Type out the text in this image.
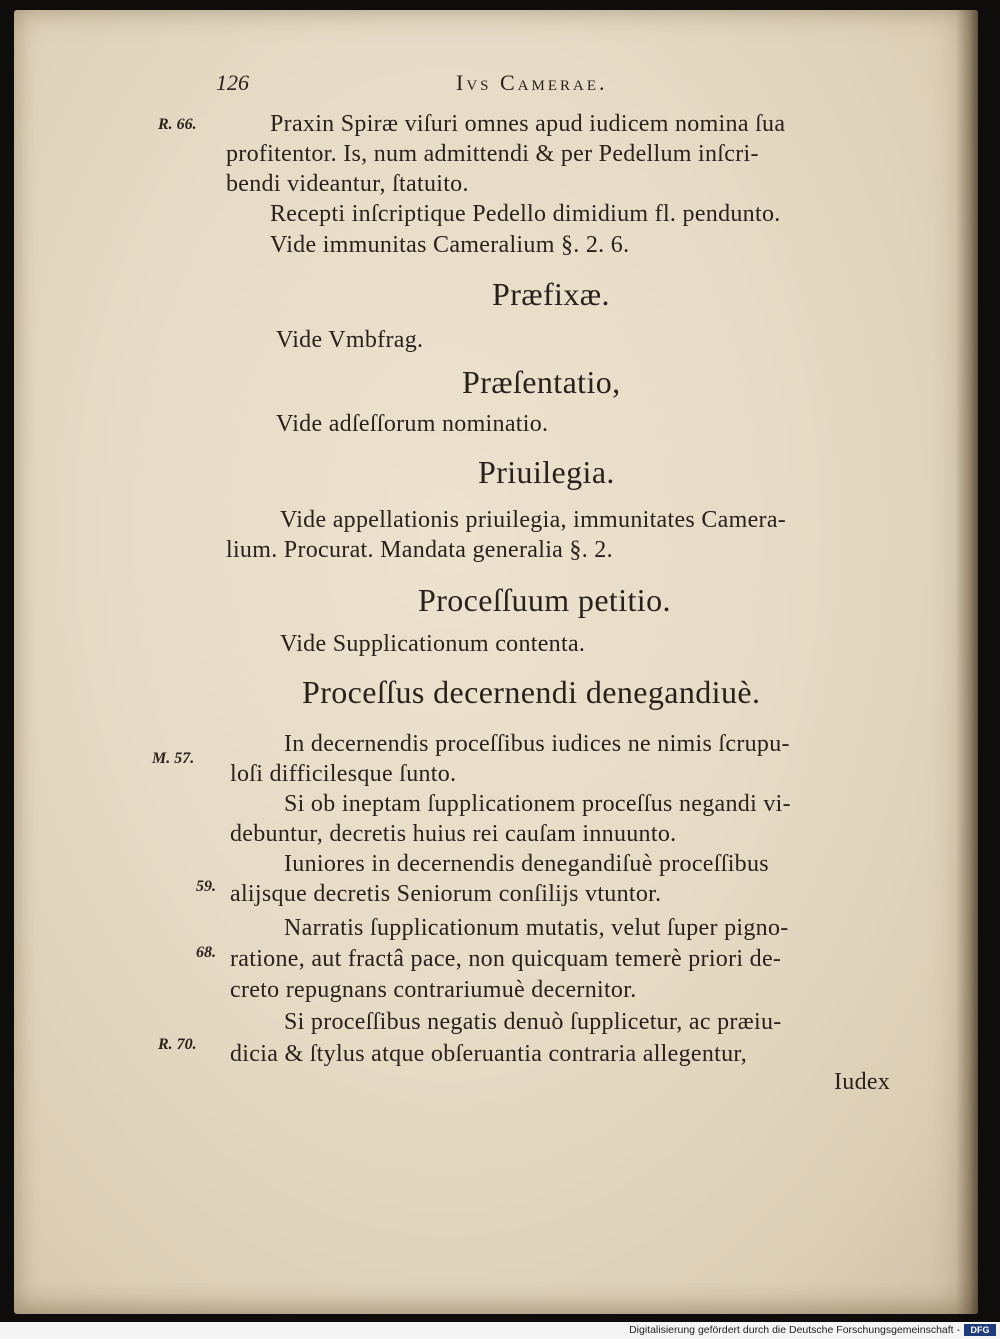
126	Ivs Camerae.
R. 66.
M. 57.
59.
68.
R. 70.
Praxin Spiræ viſuri omnes apud iudicem nomina ſua
profitentor. Is, num admittendi & per Pedellum inſcri-
bendi videantur, ſtatuito.
Recepti inſcriptique Pedello dimidium fl. pendunto.
Vide immunitas Cameralium §. 2. 6.
Præfixæ.
Vide Vmbfrag.
Præſentatio,
Vide adſeſſorum nominatio.
Priuilegia.
Vide appellationis priuilegia, immunitates Camera-
lium. Procurat. Mandata generalia §. 2.
Proceſſuum petitio.
Vide Supplicationum contenta.
Proceſſus decernendi denegandiuè.
In decernendis proceſſibus iudices ne nimis ſcrupu-
loſi difficilesque ſunto.
Si ob ineptam ſupplicationem proceſſus negandi vi-
debuntur, decretis huius rei cauſam innuunto.
Iuniores in decernendis denegandiſuè proceſſibus
alijsque decretis Seniorum conſilijs vtuntor.
Narratis ſupplicationum mutatis, velut ſuper pigno-
ratione, aut fractâ pace, non quicquam temerè priori de-
creto repugnans contrariumuè decernitor.
Si proceſſibus negatis denuò ſupplicetur, ac præiu-
dicia & ſtylus atque obſeruantia contraria allegentur,
Iudex
Digitalisierung gefördert durch die Deutsche Forschungsgemeinschaft -	DFG
